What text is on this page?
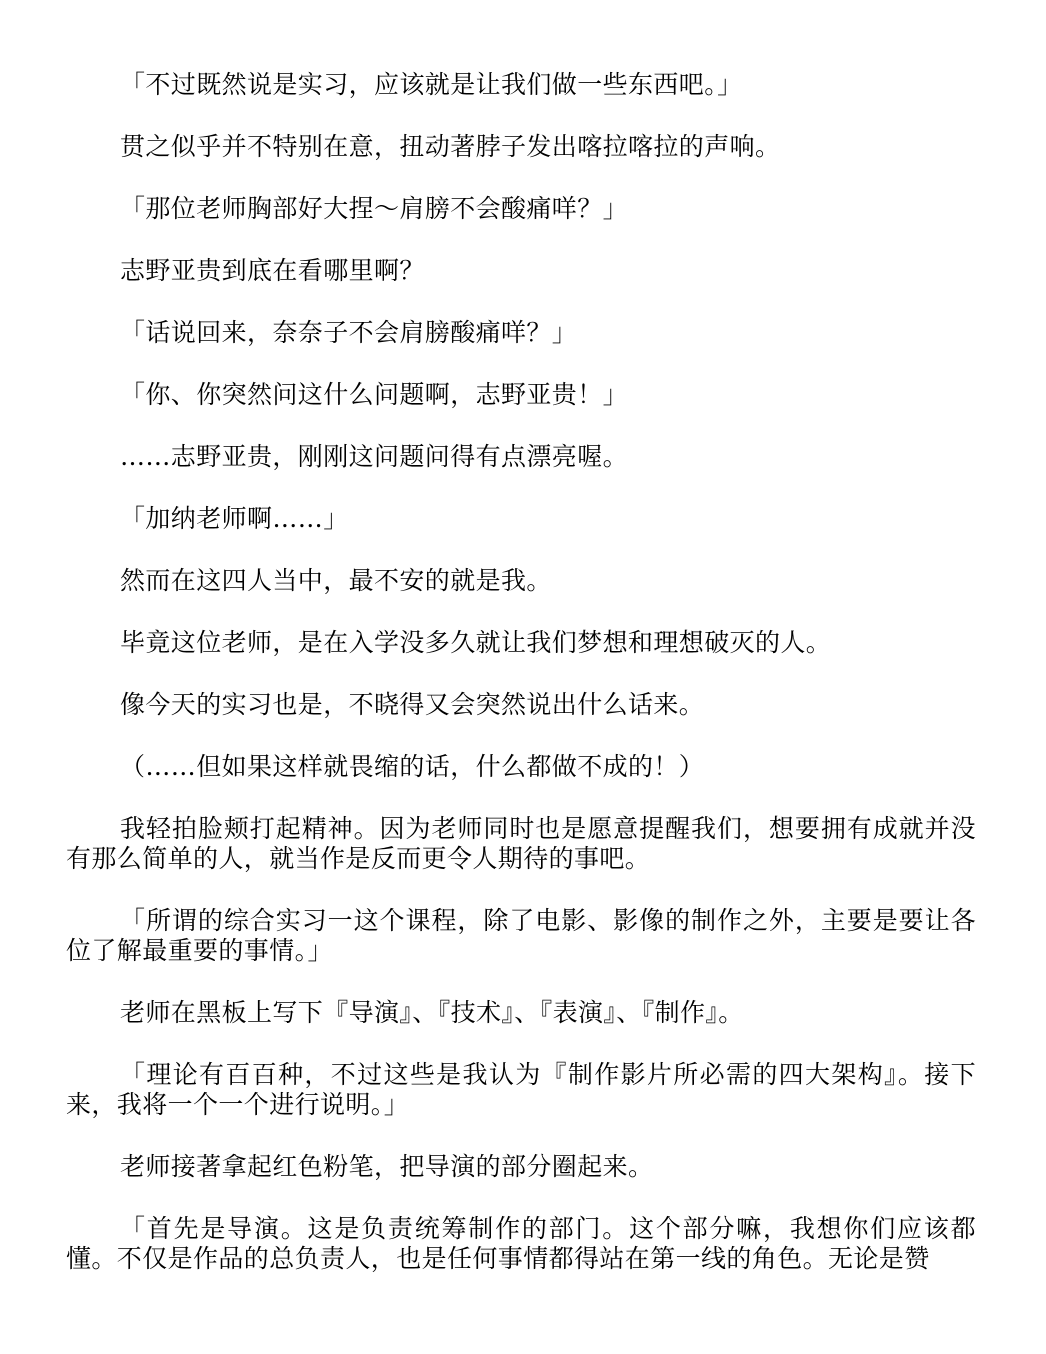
「不过既然说是实习，应该就是让我们做一些东西吧。」

贯之似乎并不特别在意，扭动著脖子发出喀拉喀拉的声响。

「那位老师胸部好大捏～肩膀不会酸痛咩？」

志野亚贵到底在看哪里啊？

「话说回来，奈奈子不会肩膀酸痛咩？」

「你、你突然问这什么问题啊，志野亚贵！」

……志野亚贵，刚刚这问题问得有点漂亮喔。

「加纳老师啊……」

然而在这四人当中，最不安的就是我。

毕竟这位老师，是在入学没多久就让我们梦想和理想破灭的人。

像今天的实习也是，不晓得又会突然说出什么话来。

（……但如果这样就畏缩的话，什么都做不成的！）

我轻拍脸颊打起精神。因为老师同时也是愿意提醒我们，想要拥有成就并没有那么简单的人，就当作是反而更令人期待的事吧。

「所谓的综合实习一这个课程，除了电影、影像的制作之外，主要是要让各位了解最重要的事情。」

老师在黑板上写下『导演』、『技术』、『表演』、『制作』。

「理论有百百种，不过这些是我认为『制作影片所必需的四大架构』。接下来，我将一个一个进行说明。」

老师接著拿起红色粉笔，把导演的部分圈起来。

「首先是导演。这是负责统筹制作的部门。这个部分嘛，我想你们应该都懂。不仅是作品的总负责人，也是任何事情都得站在第一线的角色。无论是赞
